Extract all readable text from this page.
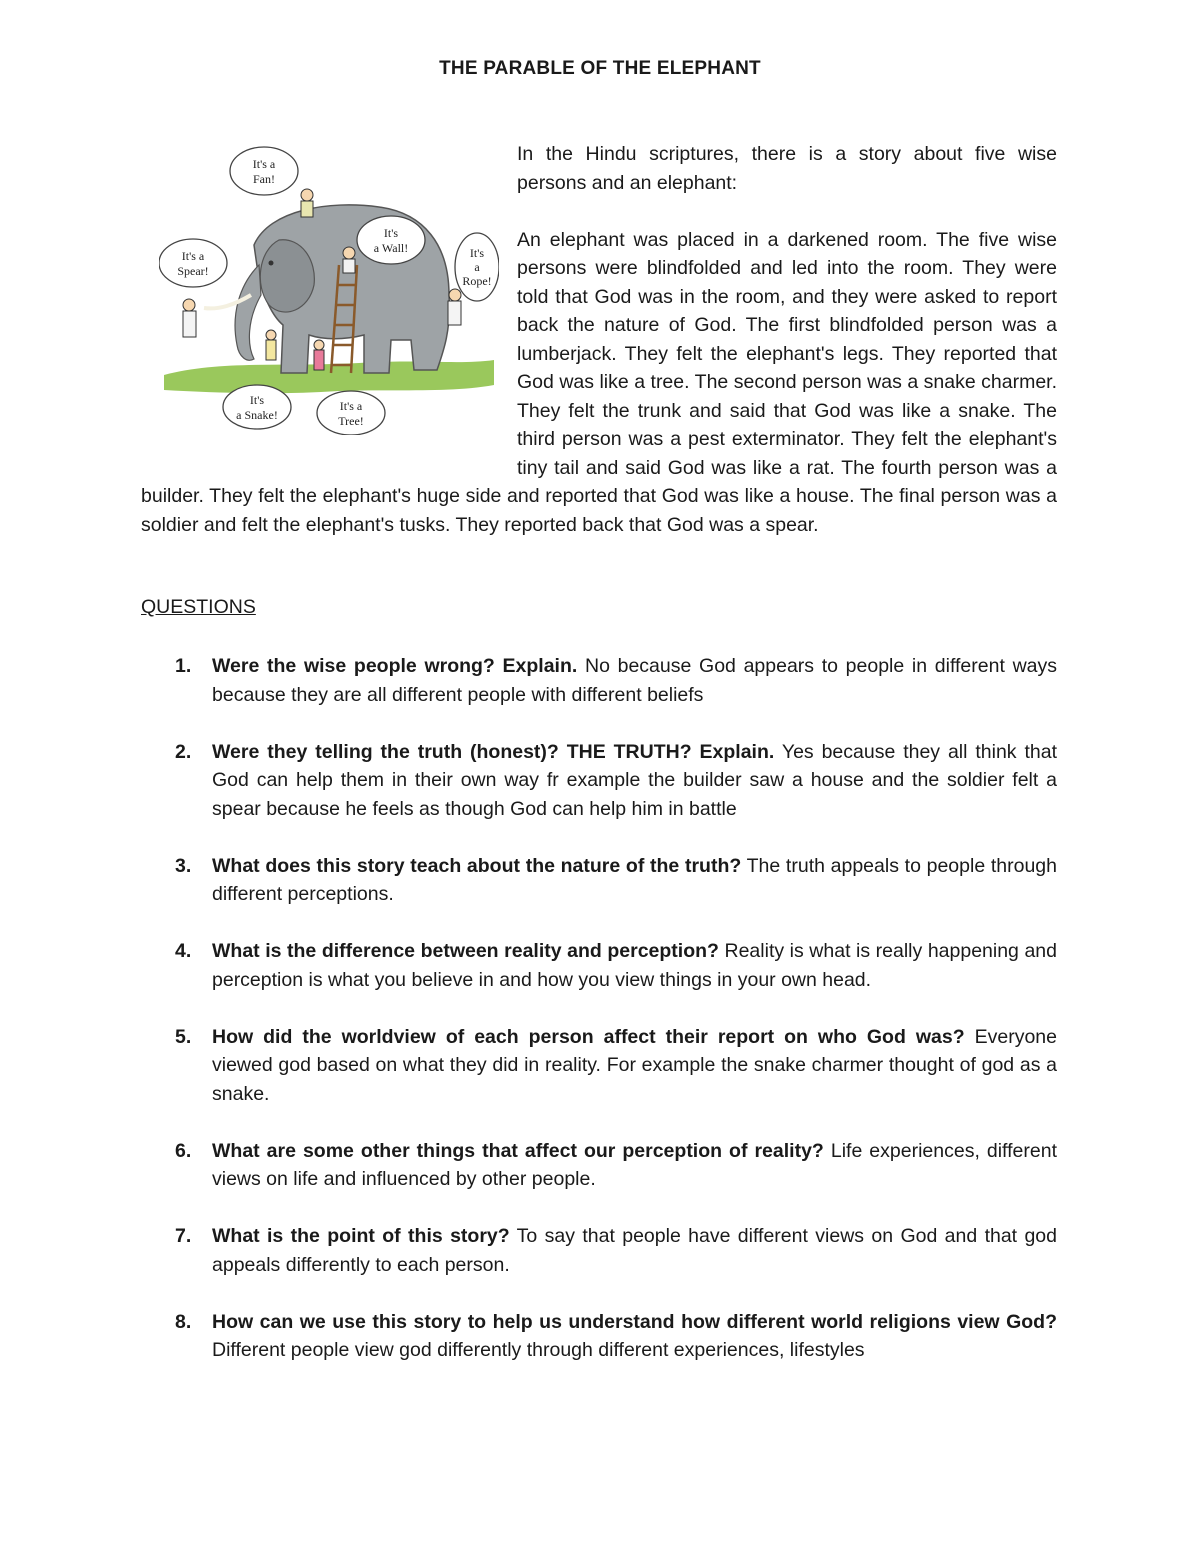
THE PARABLE OF THE ELEPHANT
It's a
Fan!
It's
a Wall!
It's a
Spear!
It's
a
Rope!
It's
a Snake!
It's a
Tree!

In the Hindu scriptures, there is a story about five wise persons and an elephant:

An elephant was placed in a darkened room. The five wise persons were blindfolded and led into the room. They were told that God was in the room, and they were asked to report back the nature of God. The first blindfolded person was a lumberjack. They felt the elephant's legs. They reported that God was like a tree. The second person was a snake charmer. They felt the trunk and said that God was like a snake. The third person was a pest exterminator. They felt the elephant's tiny tail and said God was like a rat. The fourth person was a builder. They felt the elephant's huge side and reported that God was like a house. The final person was a soldier and felt the elephant's tusks. They reported back that God was a spear.

QUESTIONS
1. Were the wise people wrong? Explain. No because God appears to people in different ways because they are all different people with different beliefs
2. Were they telling the truth (honest)? THE TRUTH? Explain. Yes because they all think that God can help them in their own way fr example the builder saw a house and the soldier felt a spear because he feels as though God can help him in battle
3. What does this story teach about the nature of the truth? The truth appeals to people through different perceptions.
4. What is the difference between reality and perception? Reality is what is really happening and perception is what you believe in and how you view things in your own head.
5. How did the worldview of each person affect their report on who God was? Everyone viewed god based on what they did in reality. For example the snake charmer thought of god as a snake.
6. What are some other things that affect our perception of reality? Life experiences, different views on life and influenced by other people.
7. What is the point of this story? To say that people have different views on God and that god appeals differently to each person.
8. How can we use this story to help us understand how different world religions view God? Different people view god differently through different experiences, lifestyles
